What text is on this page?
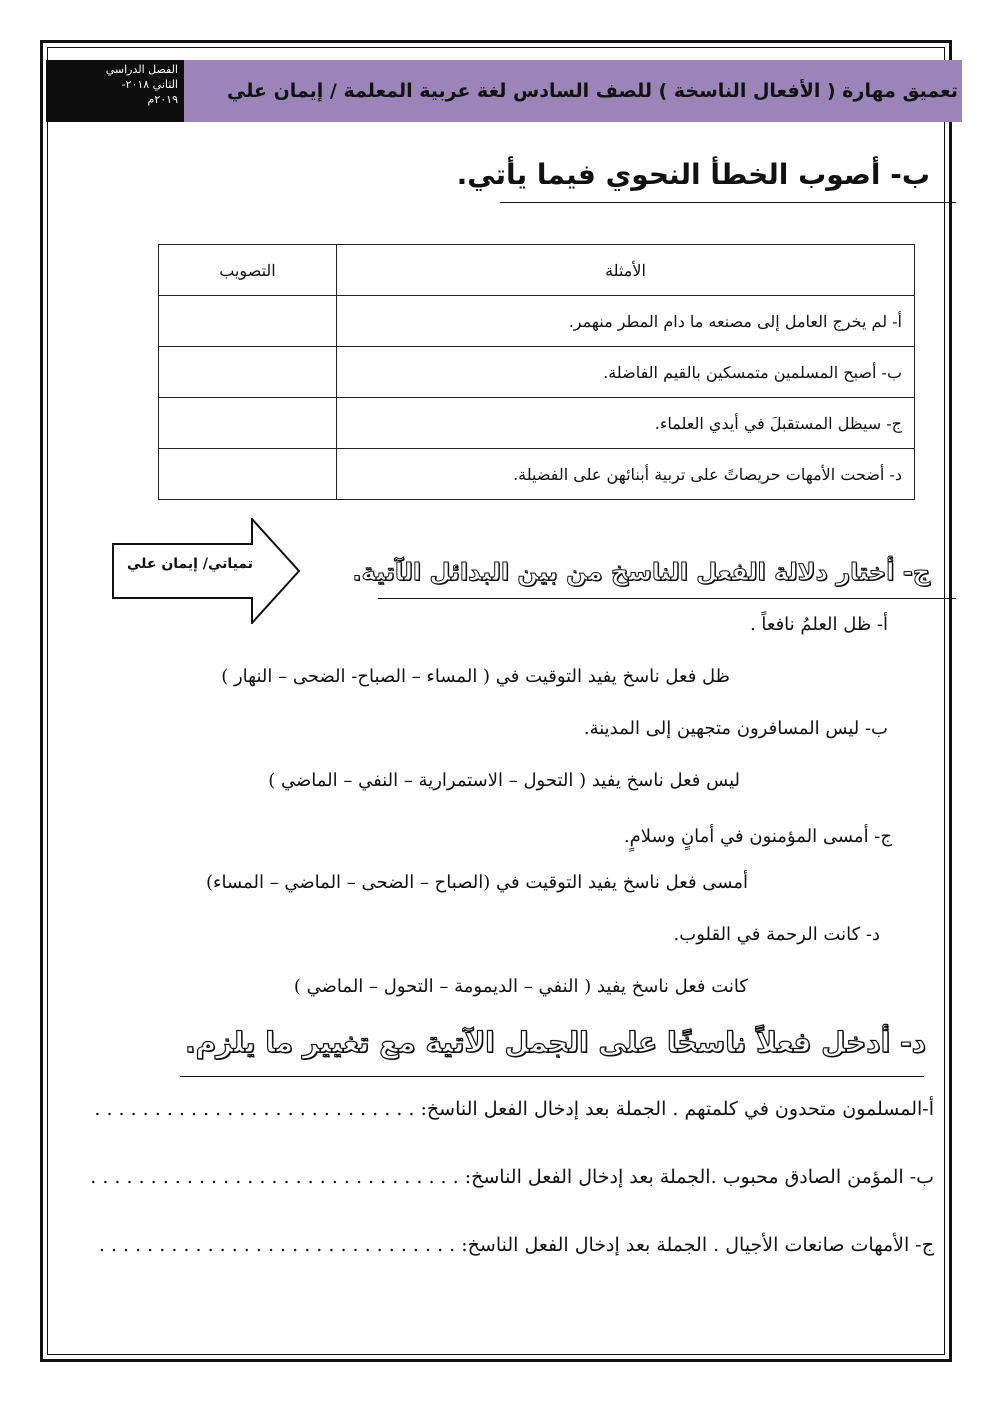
الفصل الدراسي
الثاني ٢٠١٨-
٢٠١٩م	تعميق مهارة ( الأفعال الناسخة ) للصف السادس لغة عربية المعلمة / إيمان علي
ب- أصوب الخطأ النحوي فيما يأتي.
الأمثلة	التصويب
أ- لم يخرج العامل إلى مصنعه ما دام المطر منهمر.	
ب- أصبح المسلمين متمسكين بالقيم الفاضلة.	
ج- سيظل المستقبلَ في أيدي العلماء.	
د- أضحت الأمهات حريصاتً على تربية أبنائهن على الفضيلة.	
تمياتي/ إيمان علي	ج- أختار دلالة الفعل الناسخ من بين البدائل الآتية.
أ- ظل العلمُ نافعاً .
ظل فعل ناسخ يفيد التوقيت في ( المساء – الصباح- الضحى – النهار )
ب- ليس المسافرون متجهين إلى المدينة.
ليس فعل ناسخ يفيد ( التحول – الاستمرارية – النفي – الماضي )
ج- أمسى المؤمنون في أمانٍ وسلامٍ.
أمسى فعل ناسخ يفيد التوقيت في (الصباح – الضحى – الماضي – المساء)
د- كانت الرحمة في القلوب.
كانت فعل ناسخ يفيد ( النفي – الديمومة – التحول – الماضي )
د- أدخل فعلاً ناسخًا على الجمل الآتية مع تغيير ما يلزم.
أ-المسلمون متحدون في كلمتهم . الجملة بعد إدخال الفعل الناسخ: . . . . . . . . . . . . . . . . . . . . . . . . . . .
ب- المؤمن الصادق محبوب .الجملة بعد إدخال الفعل الناسخ: . . . . . . . . . . . . . . . . . . . . . . . . . . . . . . .
ج- الأمهات صانعات الأجيال . الجملة بعد إدخال الفعل الناسخ: . . . . . . . . . . . . . . . . . . . . . . . . . . . . . .
